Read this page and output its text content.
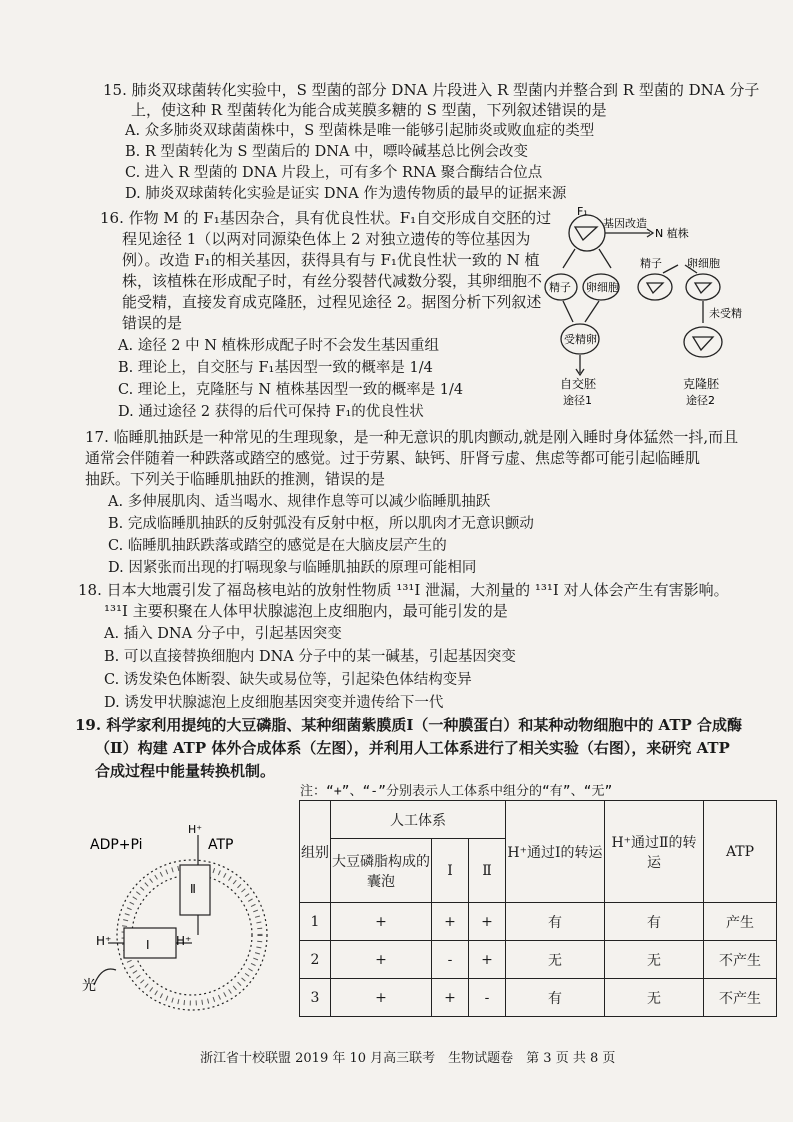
15. 肺炎双球菌转化实验中，S 型菌的部分 DNA 片段进入 R 型菌内并整合到 R 型菌的 DNA 分子
上，使这种 R 型菌转化为能合成荚膜多糖的 S 型菌，下列叙述错误的是
A. 众多肺炎双球菌菌株中，S 型菌株是唯一能够引起肺炎或败血症的类型
B. R 型菌转化为 S 型菌后的 DNA 中，嘌呤碱基总比例会改变
C. 进入 R 型菌的 DNA 片段上，可有多个 RNA 聚合酶结合位点
D. 肺炎双球菌转化实验是证实 DNA 作为遗传物质的最早的证据来源
16. 作物 M 的 F₁基因杂合，具有优良性状。F₁自交形成自交胚的过
程见途径 1（以两对同源染色体上 2 对独立遗传的等位基因为
例）。改造 F₁的相关基因，获得具有与 F₁优良性状一致的 N 植
株，该植株在形成配子时，有丝分裂替代减数分裂，其卵细胞不
能受精，直接发育成克隆胚，过程见途径 2。据图分析下列叙述
错误的是
A. 途径 2 中 N 植株形成配子时不会发生基因重组
B. 理论上，自交胚与 F₁基因型一致的概率是 1/4
C. 理论上，克隆胚与 N 植株基因型一致的概率是 1/4
D. 通过途径 2 获得的后代可保持 F₁的优良性状
F₁
基因改造
N 植株
精子 卵细胞
受精卵
精子 卵细胞
未受精
自交胚
途径1
克隆胚
途径2
17. 临睡肌抽跃是一种常见的生理现象，是一种无意识的肌肉颤动,就是刚入睡时身体猛然一抖,而且
通常会伴随着一种跌落或踏空的感觉。过于劳累、缺钙、肝肾亏虚、焦虑等都可能引起临睡肌
抽跃。下列关于临睡肌抽跃的推测，错误的是
A. 多伸展肌肉、适当喝水、规律作息等可以减少临睡肌抽跃
B. 完成临睡肌抽跃的反射弧没有反射中枢，所以肌肉才无意识颤动
C. 临睡肌抽跃跌落或踏空的感觉是在大脑皮层产生的
D. 因紧张而出现的打嗝现象与临睡肌抽跃的原理可能相同
18. 日本大地震引发了福岛核电站的放射性物质 ¹³¹I 泄漏，大剂量的 ¹³¹I 对人体会产生有害影响。
¹³¹I 主要积聚在人体甲状腺滤泡上皮细胞内，最可能引发的是
A. 插入 DNA 分子中，引起基因突变
B. 可以直接替换细胞内 DNA 分子中的某一碱基，引起基因突变
C. 诱发染色体断裂、缺失或易位等，引起染色体结构变异
D. 诱发甲状腺滤泡上皮细胞基因突变并遗传给下一代
19. 科学家利用提纯的大豆磷脂、某种细菌紫膜质Ⅰ（一种膜蛋白）和某种动物细胞中的 ATP 合成酶
（Ⅱ）构建 ATP 体外合成体系（左图），并利用人工体系进行了相关实验（右图），来研究 ATP
合成过程中能量转换机制。
注：“+”、“-”分别表示人工体系中组分的“有”、“无”
ADP+Pi
H⁺
ATP
Ⅱ
Ⅰ
H⁺	H⁺
光
组别	人工体系			H⁺通过Ⅰ的转运	H⁺通过Ⅱ的转运	ATP
	大豆磷脂构成的囊泡	Ⅰ	Ⅱ			
1	+	+	+	有	有	产生
2	+	-	+	无	无	不产生
3	+	+	-	有	无	不产生
浙江省十校联盟 2019 年 10 月高三联考　生物试题卷　第 3 页 共 8 页
